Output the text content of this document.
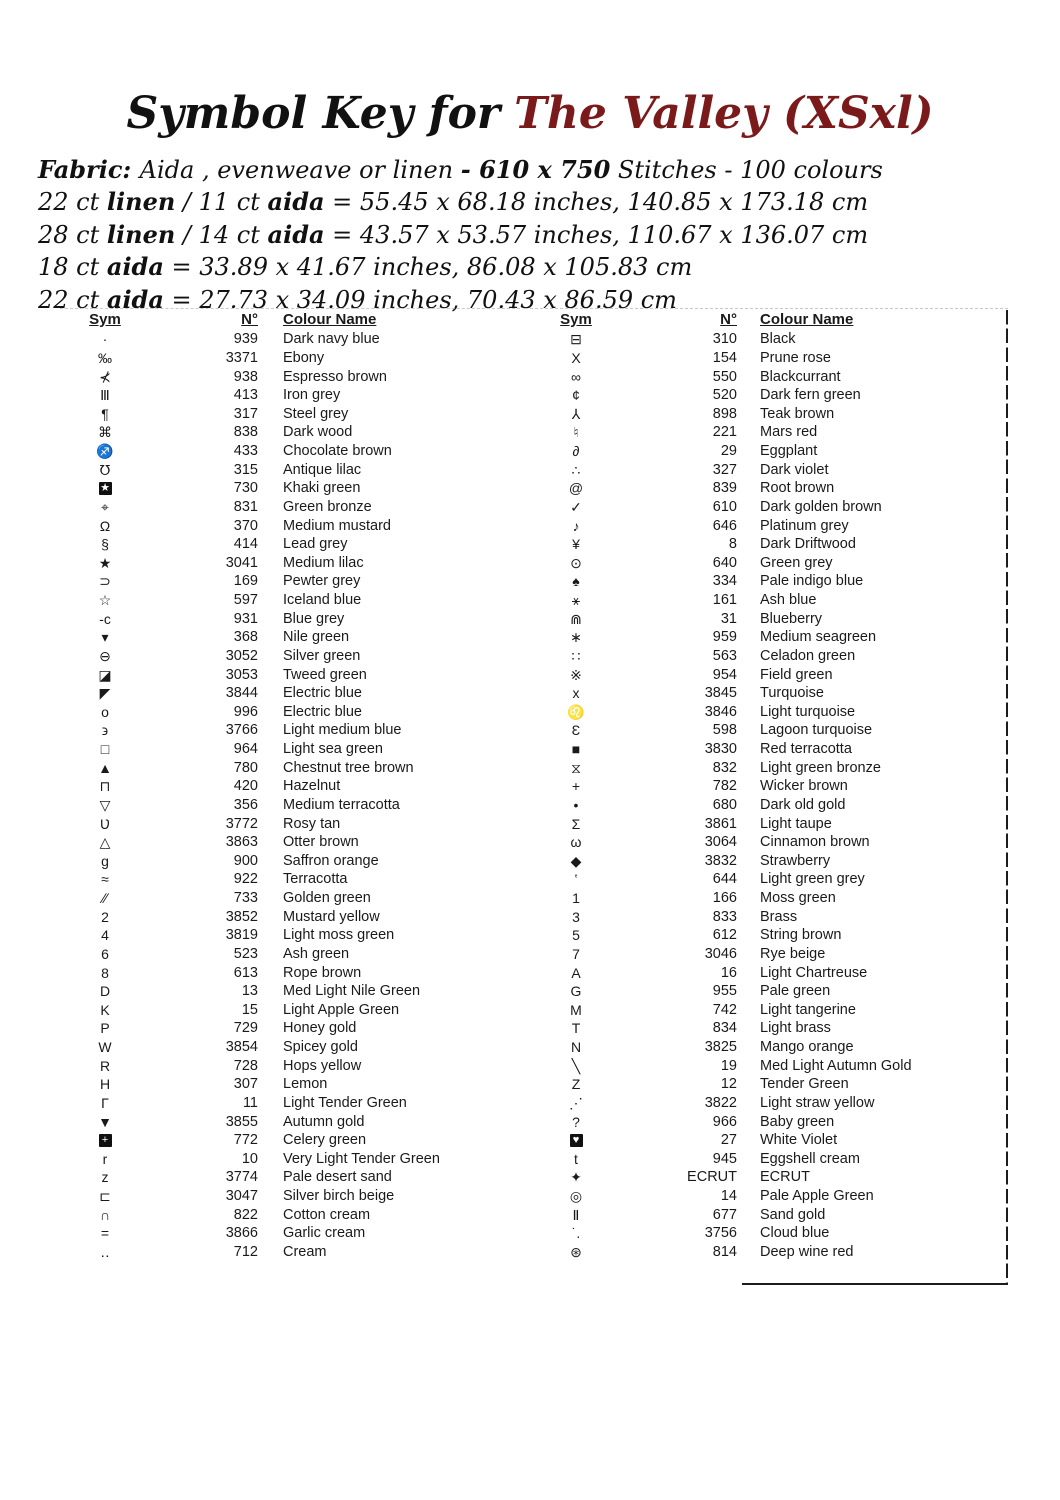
Symbol Key for The Valley (XSxl)
Fabric: Aida , evenweave or linen - 610 x 750 Stitches - 100 colours
22 ct linen / 11 ct aida = 55.45 x 68.18 inches, 140.85 x 173.18 cm
28 ct linen / 14 ct aida = 43.57 x 53.57 inches, 110.67 x 136.07 cm
18 ct aida = 33.89 x 41.67 inches, 86.08 x 105.83 cm
22 ct aida = 27.73 x 34.09 inches, 70.43 x 86.59 cm
Sym	N° Colour Name
·	939 Dark navy blue
‰	3371 Ebony
⊀	938 Espresso brown
Ⅲ	413 Iron grey
¶	317 Steel grey
⌘	838 Dark wood
♐	433 Chocolate brown
℧	315 Antique lilac
★	730 Khaki green
⌖	831 Green bronze
Ω	370 Medium mustard
§	414 Lead grey
★	3041 Medium lilac
⊃	169 Pewter grey
☆	597 Iceland blue
-c	931 Blue grey
▾	368 Nile green
⊖	3052 Silver green
◪	3053 Tweed green
◤	3844 Electric blue
o	996 Electric blue
϶	3766 Light medium blue
□	964 Light sea green
▲	780 Chestnut tree brown
⊓	420 Hazelnut
▽	356 Medium terracotta
Ʋ	3772 Rosy tan
△	3863 Otter brown
g	900 Saffron orange
≈	922 Terracotta
∕∕	733 Golden green
2	3852 Mustard yellow
4	3819 Light moss green
6	523 Ash green
8	613 Rope brown
D	13 Med Light Nile Green
K	15 Light Apple Green
P	729 Honey gold
W	3854 Spicey gold
R	728 Hops yellow
H	307 Lemon
Γ	11 Light Tender Green
▼	3855 Autumn gold
+	772 Celery green
r	10 Very Light Tender Green
z	3774 Pale desert sand
⊏	3047 Silver birch beige
∩	822 Cotton cream
=	3866 Garlic cream
‥	712 Cream
Sym	N° Colour Name
⊟	310 Black
X	154 Prune rose
∞	550 Blackcurrant
¢	520 Dark fern green
⅄	898 Teak brown
♮	221 Mars red
∂	29 Eggplant
∴	327 Dark violet
@	839 Root brown
✓	610 Dark golden brown
♪	646 Platinum grey
¥	8 Dark Driftwood
⊙	640 Green grey
♠	334 Pale indigo blue
⚹	161 Ash blue
⋒	31 Blueberry
∗	959 Medium seagreen
∷	563 Celadon green
※	954 Field green
x	3845 Turquoise
♌	3846 Light turquoise
Ɛ	598 Lagoon turquoise
■	3830 Red terracotta
⧖	832 Light green bronze
+	782 Wicker brown
•	680 Dark old gold
Σ	3861 Light taupe
ω	3064 Cinnamon brown
◆	3832 Strawberry
‛	644 Light green grey
1	166 Moss green
3	833 Brass
5	612 String brown
7	3046 Rye beige
A	16 Light Chartreuse
G	955 Pale green
M	742 Light tangerine
T	834 Light brass
N	3825 Mango orange
╲	19 Med Light Autumn Gold
Z	12 Tender Green
⋰	3822 Light straw yellow
?	966 Baby green
♥	27 White Violet
t	945 Eggshell cream
✦	ECRUT ECRUT
◎	14 Pale Apple Green
Ⅱ	677 Sand gold
˙.	3756 Cloud blue
⊛	814 Deep wine red
